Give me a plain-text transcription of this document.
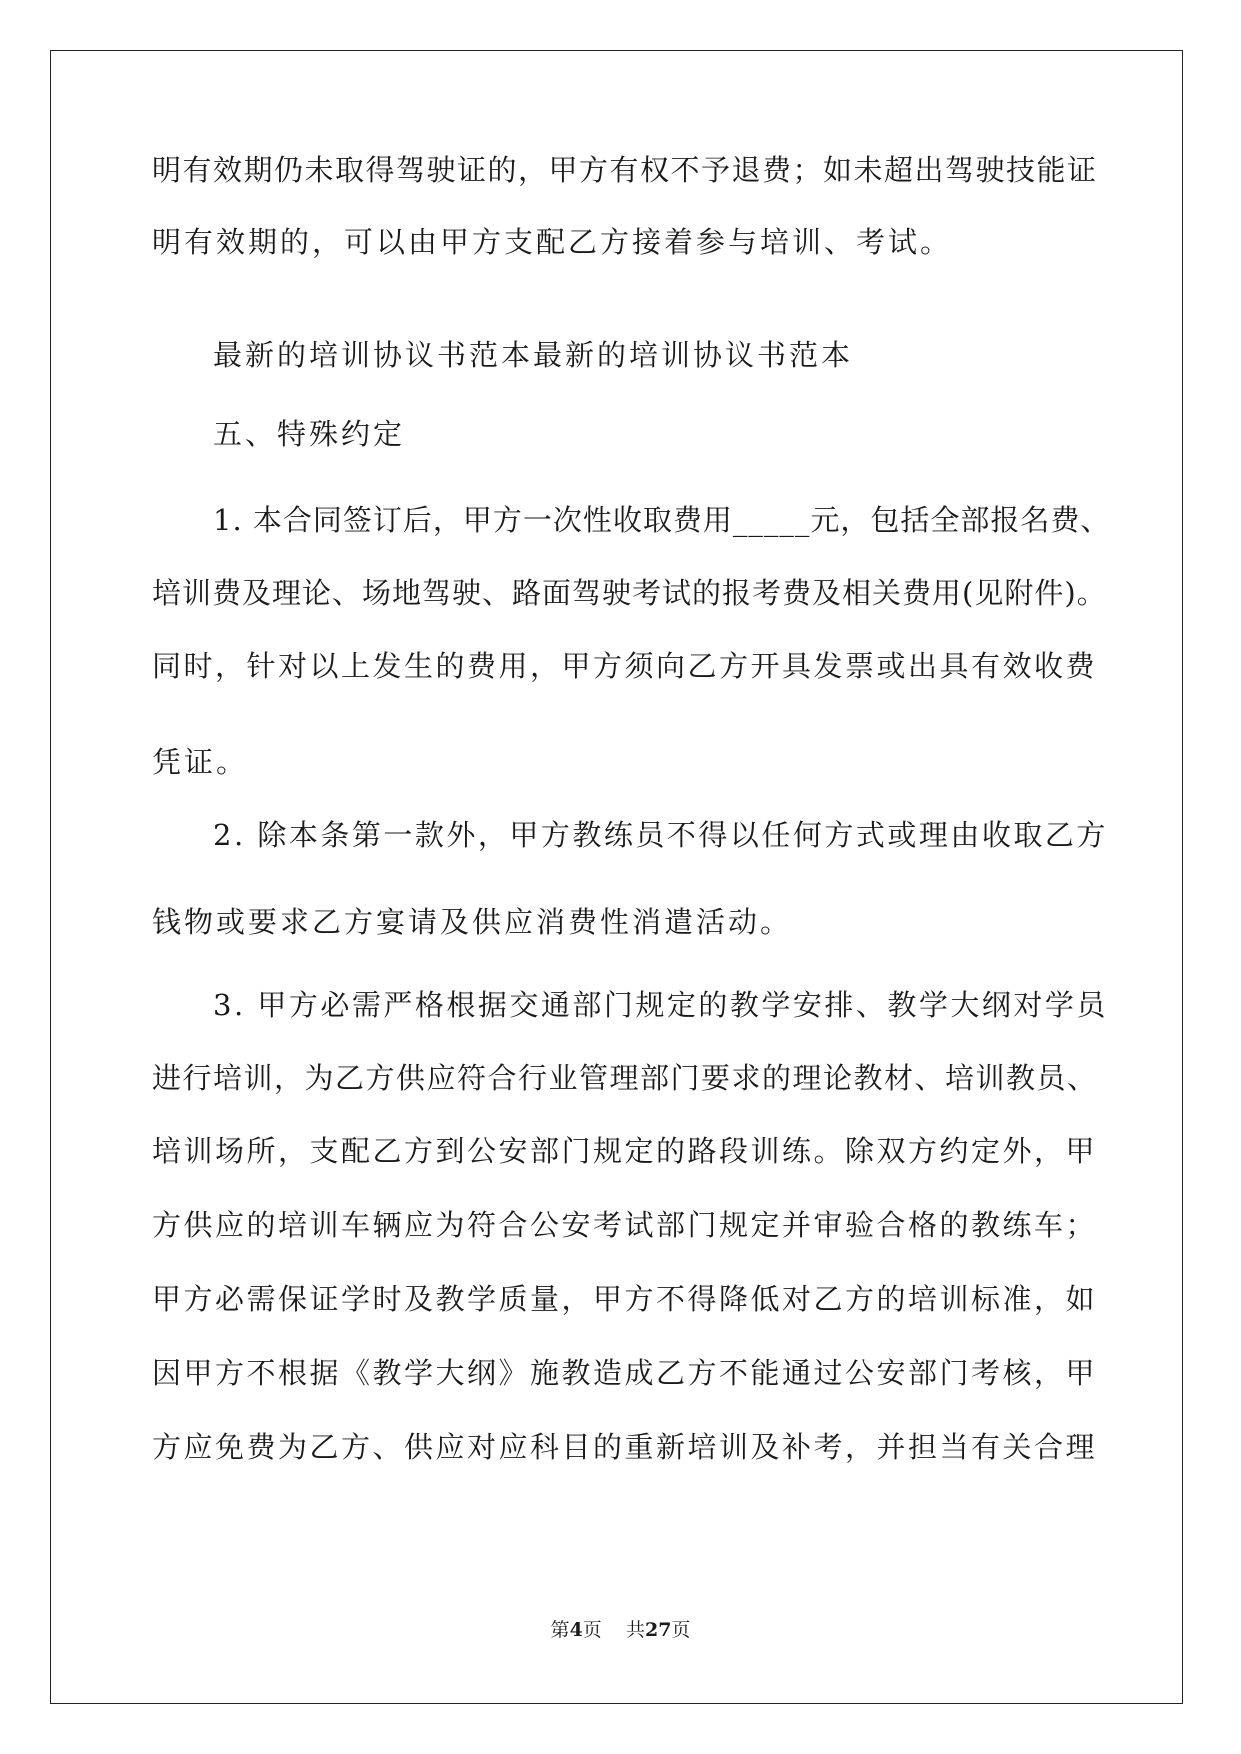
明有效期仍未取得驾驶证的，甲方有权不予退费；如未超出驾驶技能证
明有效期的，可以由甲方支配乙方接着参与培训、考试。
最新的培训协议书范本最新的培训协议书范本
五、特殊约定
1. 本合同签订后，甲方一次性收取费用_____元，包括全部报名费、
培训费及理论、场地驾驶、路面驾驶考试的报考费及相关费用(见附件)。
同时，针对以上发生的费用，甲方须向乙方开具发票或出具有效收费
凭证。
2. 除本条第一款外，甲方教练员不得以任何方式或理由收取乙方
钱物或要求乙方宴请及供应消费性消遣活动。
3. 甲方必需严格根据交通部门规定的教学安排、教学大纲对学员
进行培训，为乙方供应符合行业管理部门要求的理论教材、培训教员、
培训场所，支配乙方到公安部门规定的路段训练。除双方约定外，甲
方供应的培训车辆应为符合公安考试部门规定并审验合格的教练车；
甲方必需保证学时及教学质量，甲方不得降低对乙方的培训标准，如
因甲方不根据《教学大纲》施教造成乙方不能通过公安部门考核，甲
方应免费为乙方、供应对应科目的重新培训及补考，并担当有关合理
第4页    共27页
